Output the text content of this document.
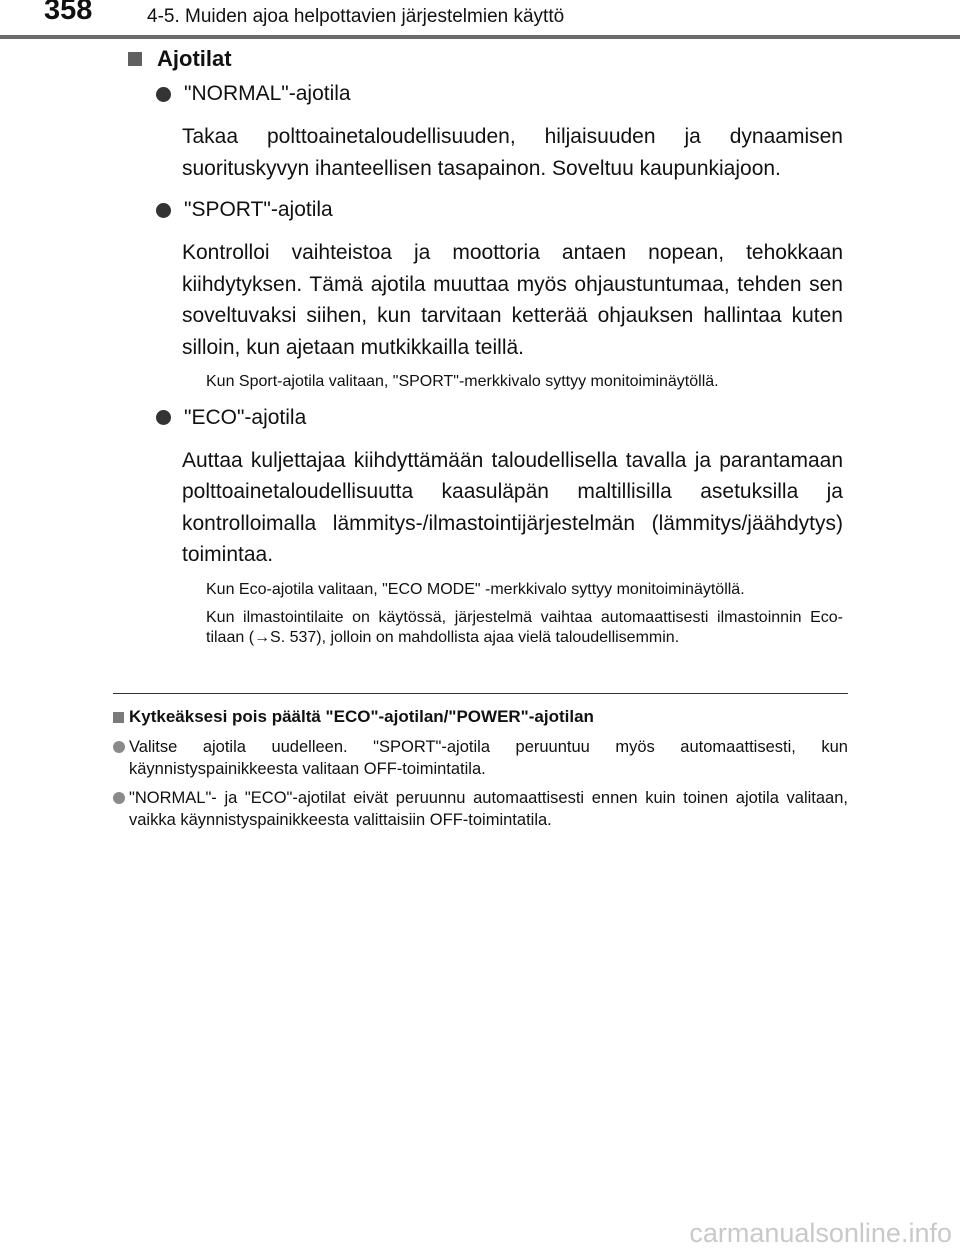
358	4-5. Muiden ajoa helpottavien järjestelmien käyttö
Ajotilat
"NORMAL"-ajotila

Takaa polttoainetaloudellisuuden, hiljaisuuden ja dynaamisen suorituskyvyn ihanteellisen tasapainon. Soveltuu kaupunkiajoon.

"SPORT"-ajotila

Kontrolloi vaihteistoa ja moottoria antaen nopean, tehokkaan kiihdytyksen. Tämä ajotila muuttaa myös ohjaustuntumaa, tehden sen soveltuvaksi siihen, kun tarvitaan ketterää ohjauksen hallintaa kuten silloin, kun ajetaan mutkikkailla teillä.

Kun Sport-ajotila valitaan, "SPORT"-merkkivalo syttyy monitoiminäytöllä.

"ECO"-ajotila

Auttaa kuljettajaa kiihdyttämään taloudellisella tavalla ja parantamaan polttoainetaloudellisuutta kaasuläpän maltillisilla asetuksilla ja kontrolloimalla lämmitys-/ilmastointijärjestelmän (lämmitys/jäähdytys) toimintaa.

Kun Eco-ajotila valitaan, "ECO MODE" -merkkivalo syttyy monitoiminäytöllä.

Kun ilmastointilaite on käytössä, järjestelmä vaihtaa automaattisesti ilmastoinnin Eco-tilaan (→S. 537), jolloin on mahdollista ajaa vielä taloudellisemmin.

Kytkeäksesi pois päältä "ECO"-ajotilan/"POWER"-ajotilan
Valitse ajotila uudelleen. "SPORT"-ajotila peruuntuu myös automaattisesti, kun käynnistyspainikkeesta valitaan OFF-toimintatila.
"NORMAL"- ja "ECO"-ajotilat eivät peruunnu automaattisesti ennen kuin toinen ajotila valitaan, vaikka käynnistyspainikkeesta valittaisiin OFF-toimintatila.
carmanualsonline.info
